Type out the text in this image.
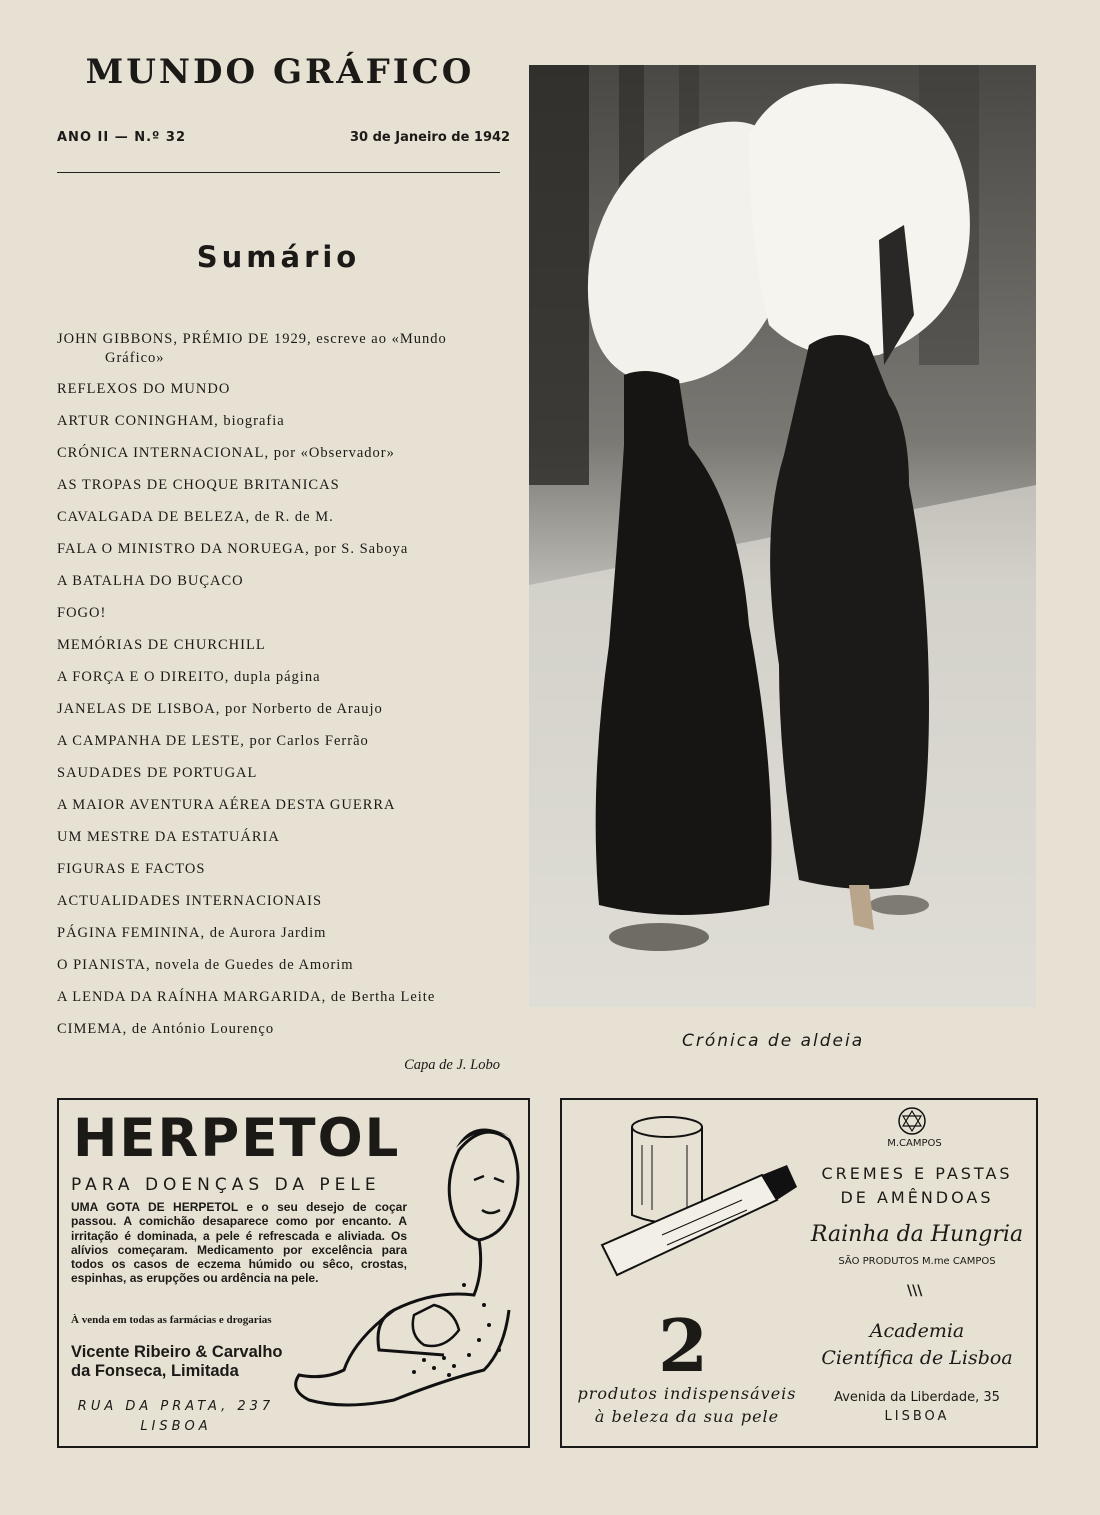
MUNDO GRÁFICO
ANO II — N.º 32	30 de Janeiro de 1942
Sumário
JOHN GIBBONS, PRÉMIO DE 1929, escreve ao «Mundo
Gráfico»
REFLEXOS DO MUNDO
ARTUR CONINGHAM, biografia
CRÓNICA INTERNACIONAL, por «Observador»
AS TROPAS DE CHOQUE BRITANICAS
CAVALGADA DE BELEZA, de R. de M.
FALA O MINISTRO DA NORUEGA, por S. Saboya
A BATALHA DO BUÇACO
FOGO!
MEMÓRIAS DE CHURCHILL
A FORÇA E O DIREITO, dupla página
JANELAS DE LISBOA, por Norberto de Araujo
A CAMPANHA DE LESTE, por Carlos Ferrão
SAUDADES DE PORTUGAL
A MAIOR AVENTURA AÉREA DESTA GUERRA
UM MESTRE DA ESTATUÁRIA
FIGURAS E FACTOS
ACTUALIDADES INTERNACIONAIS
PÁGINA FEMININA, de Aurora Jardim
O PIANISTA, novela de Guedes de Amorim
A LENDA DA RAÍNHA MARGARIDA, de Bertha Leite
CIMEMA, de António Lourenço
Capa de J. Lobo
Crónica de aldeia
HERPETOL
PARA DOENÇAS DA PELE
UMA GOTA DE HERPETOL e o seu desejo de coçar passou. A comichão desaparece como por encanto. A irritação é dominada, a pele é refrescada e aliviada. Os alívios começaram. Medicamento por excelência para todos os casos de eczema húmido ou sêco, crostas, espinhas, as erupções ou ardência na pele.
À venda em todas as farmácias e drogarias
Vicente Ribeiro & Carvalho
da Fonseca, Limitada
RUA DA PRATA, 237
LISBOA
M.CAMPOS
CREMES E PASTAS
DE AMÊNDOAS
Rainha da Hungria
SÃO PRODUTOS M.me CAMPOS
\\\
Academia
Científica de Lisboa
Avenida da Liberdade, 35
LISBOA
2
produtos indispensáveis
à beleza da sua pele
